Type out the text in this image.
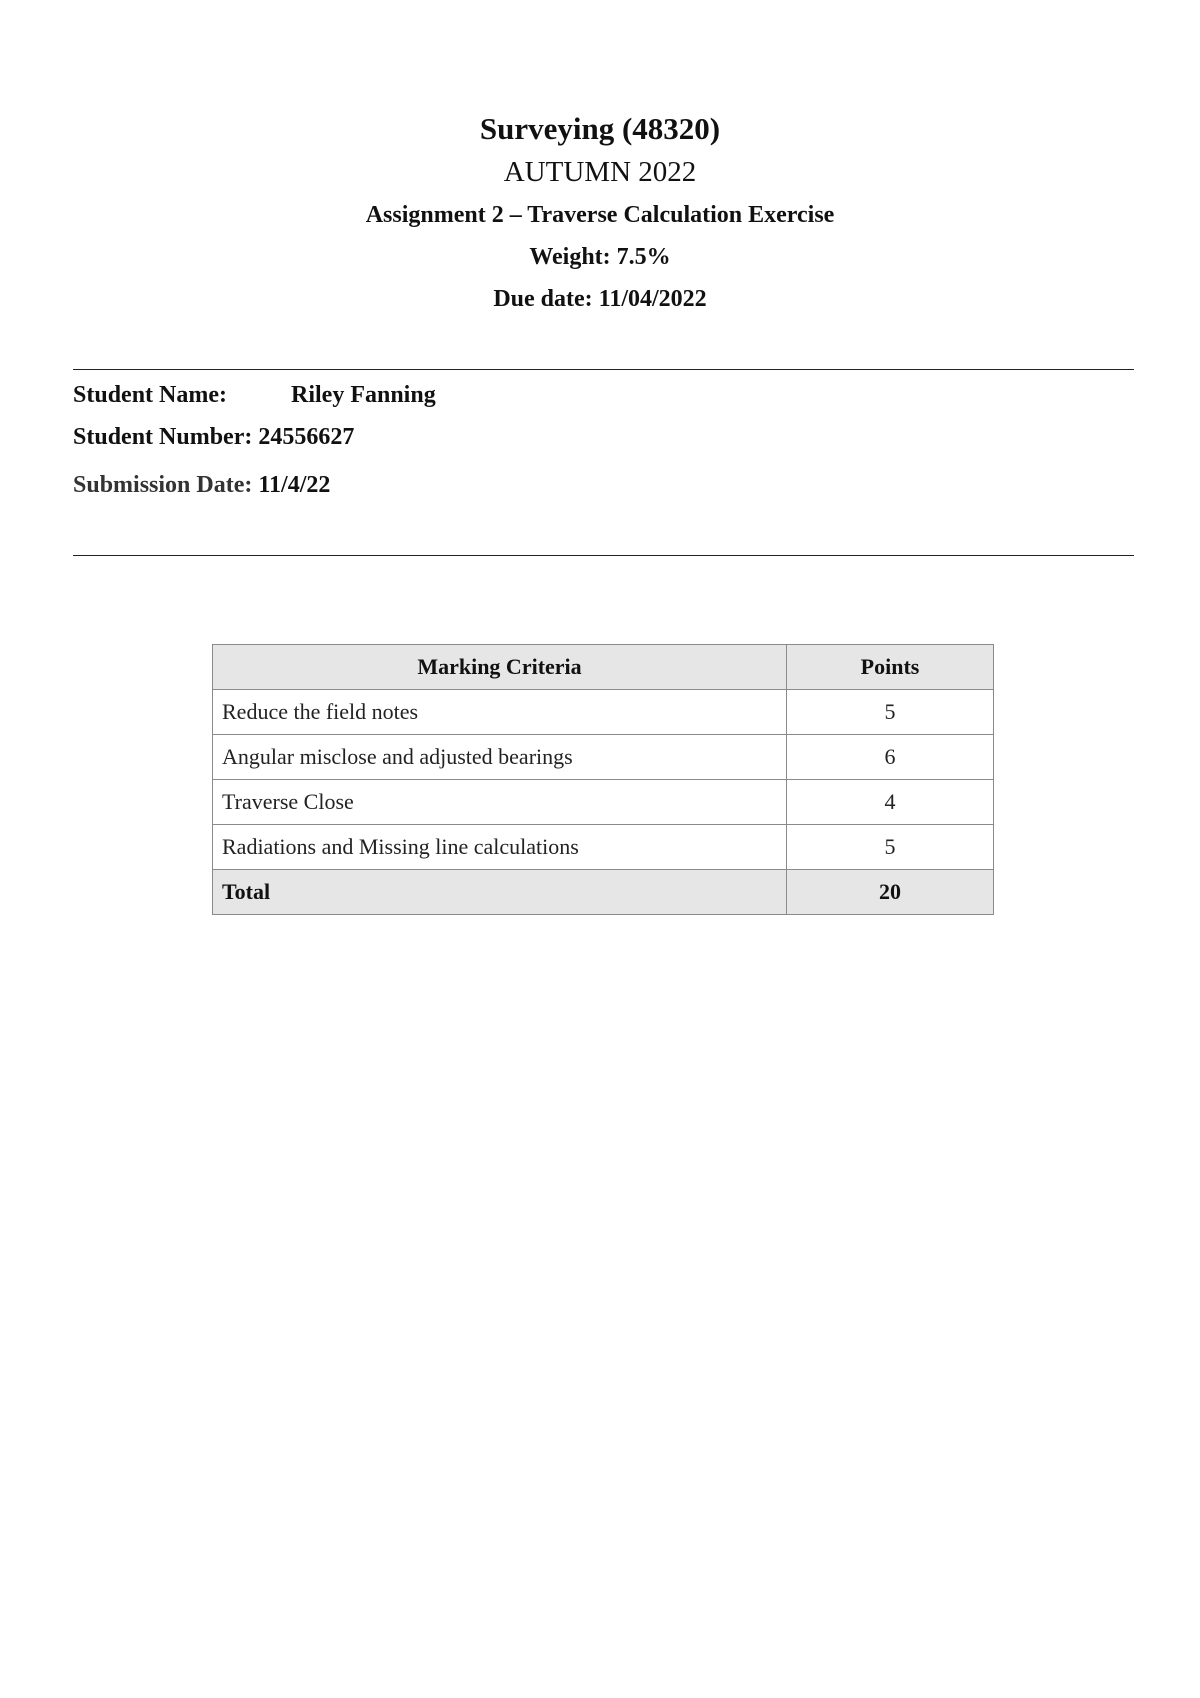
Surveying (48320)

AUTUMN 2022

Assignment 2 – Traverse Calculation Exercise

Weight: 7.5%

Due date: 11/04/2022

Student Name:	Riley Fanning
Student Number: 24556627
Submission Date: 11/4/22
Marking Criteria	Points
Reduce the field notes	5
Angular misclose and adjusted bearings	6
Traverse Close	4
Radiations and Missing line calculations	5
Total	20
